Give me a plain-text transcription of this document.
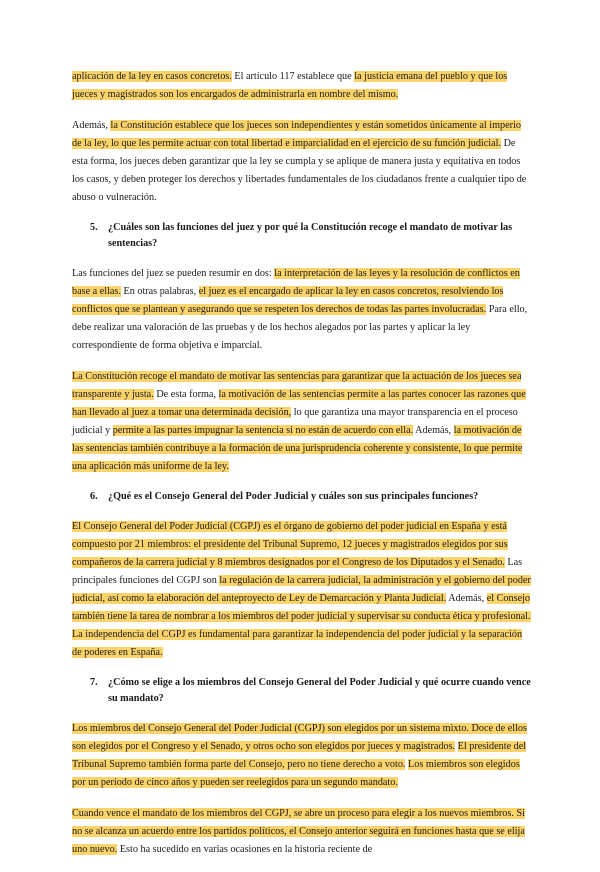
aplicación de la ley en casos concretos. El artículo 117 establece que la justicia emana del pueblo y que los jueces y magistrados son los encargados de administrarla en nombre del mismo.

Además, la Constitución establece que los jueces son independientes y están sometidos únicamente al imperio de la ley, lo que les permite actuar con total libertad e imparcialidad en el ejercicio de su función judicial. De esta forma, los jueces deben garantizar que la ley se cumpla y se aplique de manera justa y equitativa en todos los casos, y deben proteger los derechos y libertades fundamentales de los ciudadanos frente a cualquier tipo de abuso o vulneración.

5. ¿Cuáles son las funciones del juez y por qué la Constitución recoge el mandato de motivar las sentencias?

Las funciones del juez se pueden resumir en dos: la interpretación de las leyes y la resolución de conflictos en base a ellas. En otras palabras, el juez es el encargado de aplicar la ley en casos concretos, resolviendo los conflictos que se plantean y asegurando que se respeten los derechos de todas las partes involucradas. Para ello, debe realizar una valoración de las pruebas y de los hechos alegados por las partes y aplicar la ley correspondiente de forma objetiva e imparcial.

La Constitución recoge el mandato de motivar las sentencias para garantizar que la actuación de los jueces sea transparente y justa. De esta forma, la motivación de las sentencias permite a las partes conocer las razones que han llevado al juez a tomar una determinada decisión, lo que garantiza una mayor transparencia en el proceso judicial y permite a las partes impugnar la sentencia si no están de acuerdo con ella. Además, la motivación de las sentencias también contribuye a la formación de una jurisprudencia coherente y consistente, lo que permite una aplicación más uniforme de la ley.

6. ¿Qué es el Consejo General del Poder Judicial y cuáles son sus principales funciones?

El Consejo General del Poder Judicial (CGPJ) es el órgano de gobierno del poder judicial en España y está compuesto por 21 miembros: el presidente del Tribunal Supremo, 12 jueces y magistrados elegidos por sus compañeros de la carrera judicial y 8 miembros designados por el Congreso de los Diputados y el Senado. Las principales funciones del CGPJ son la regulación de la carrera judicial, la administración y el gobierno del poder judicial, así como la elaboración del anteproyecto de Ley de Demarcación y Planta Judicial. Además, el Consejo también tiene la tarea de nombrar a los miembros del poder judicial y supervisar su conducta ética y profesional. La independencia del CGPJ es fundamental para garantizar la independencia del poder judicial y la separación de poderes en España.

7. ¿Cómo se elige a los miembros del Consejo General del Poder Judicial y qué ocurre cuando vence su mandato?

Los miembros del Consejo General del Poder Judicial (CGPJ) son elegidos por un sistema mixto. Doce de ellos son elegidos por el Congreso y el Senado, y otros ocho son elegidos por jueces y magistrados. El presidente del Tribunal Supremo también forma parte del Consejo, pero no tiene derecho a voto. Los miembros son elegidos por un período de cinco años y pueden ser reelegidos para un segundo mandato.

Cuando vence el mandato de los miembros del CGPJ, se abre un proceso para elegir a los nuevos miembros. Si no se alcanza un acuerdo entre los partidos políticos, el Consejo anterior seguirá en funciones hasta que se elija uno nuevo. Esto ha sucedido en varias ocasiones en la historia reciente de
